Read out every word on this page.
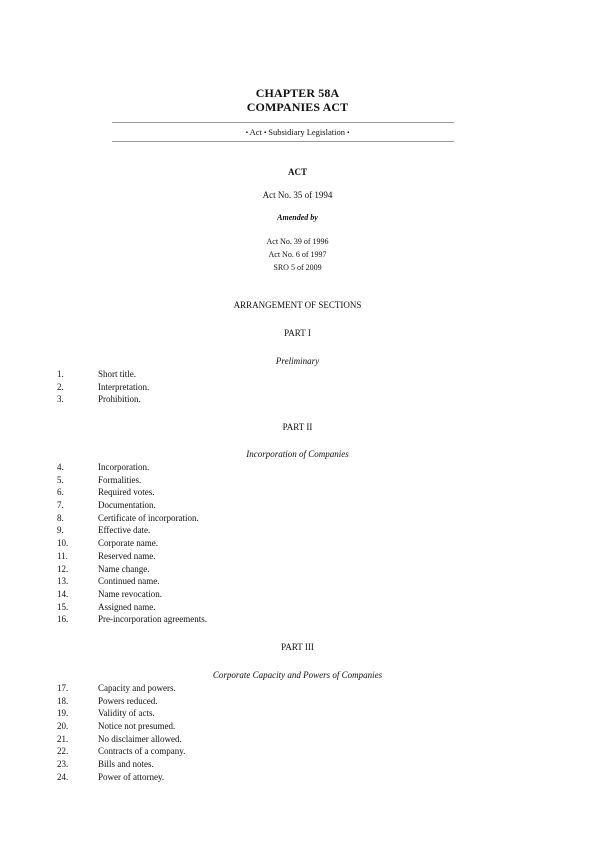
CHAPTER 58A
COMPANIES ACT
▪ Act ▪ Subsidiary Legislation ▪
ACT
Act No. 35 of 1994
Amended by
Act No. 39 of 1996
Act No. 6 of 1997
SRO 5 of 2009
ARRANGEMENT OF SECTIONS
PART I
Preliminary
1.	Short title.
2.	Interpretation.
3.	Prohibition.
PART II
Incorporation of Companies
4.	Incorporation.
5.	Formalities.
6.	Required votes.
7.	Documentation.
8.	Certificate of incorporation.
9.	Effective date.
10.	Corporate name.
11.	Reserved name.
12.	Name change.
13.	Continued name.
14.	Name revocation.
15.	Assigned name.
16.	Pre-incorporation agreements.
PART III
Corporate Capacity and Powers of Companies
17.	Capacity and powers.
18.	Powers reduced.
19.	Validity of acts.
20.	Notice not presumed.
21.	No disclaimer allowed.
22.	Contracts of a company.
23.	Bills and notes.
24.	Power of attorney.
